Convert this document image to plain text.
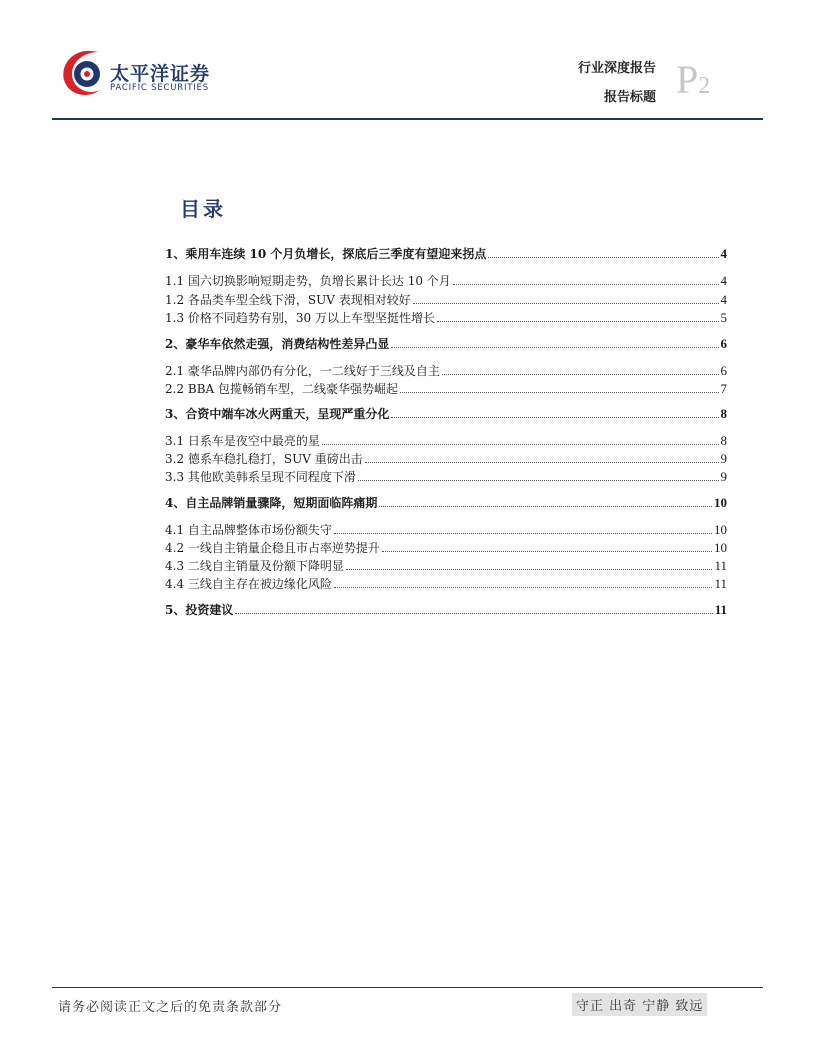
太平洋证券
PACIFIC SECURITIES
行业深度报告
报告标题 P2
目录
1、乘用车连续 10 个月负增长，探底后三季度有望迎来拐点	4
1.1 国六切换影响短期走势，负增长累计长达 10 个月	4
1.2 各品类车型全线下滑，SUV 表现相对较好	4
1.3 价格不同趋势有别，30 万以上车型坚挺性增长	5
2、豪华车依然走强，消费结构性差异凸显	6
2.1 豪华品牌内部仍有分化，一二线好于三线及自主	6
2.2 BBA 包揽畅销车型，二线豪华强势崛起	7
3、合资中端车冰火两重天，呈现严重分化	8
3.1 日系车是夜空中最亮的星	8
3.2 德系车稳扎稳打，SUV 重磅出击	9
3.3 其他欧美韩系呈现不同程度下滑	9
4、自主品牌销量骤降，短期面临阵痛期	10
4.1 自主品牌整体市场份额失守	10
4.2 一线自主销量企稳且市占率逆势提升	10
4.3 二线自主销量及份额下降明显	11
4.4 三线自主存在被边缘化风险	11
5、投资建议	11
请务必阅读正文之后的免责条款部分	守正 出奇 宁静 致远
